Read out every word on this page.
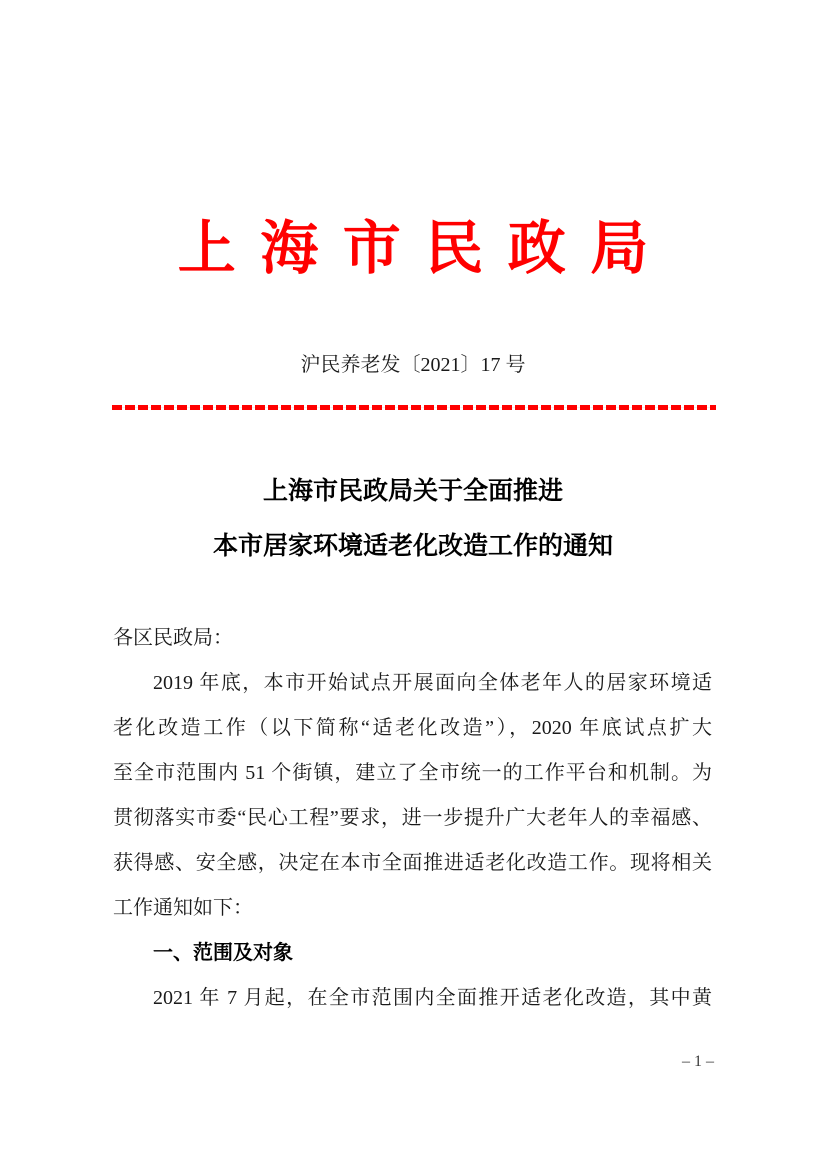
上 海 市 民 政 局
沪民养老发〔2021〕17 号
上海市民政局关于全面推进
本市居家环境适老化改造工作的通知
各区民政局：
2019 年底，本市开始试点开展面向全体老年人的居家环境适
老化改造工作（以下简称“适老化改造”），2020 年底试点扩大
至全市范围内 51 个街镇，建立了全市统一的工作平台和机制。为
贯彻落实市委“民心工程”要求，进一步提升广大老年人的幸福感、
获得感、安全感，决定在本市全面推进适老化改造工作。现将相关
工作通知如下：
一、范围及对象
2021 年 7 月起，在全市范围内全面推开适老化改造，其中黄
– 1 –
